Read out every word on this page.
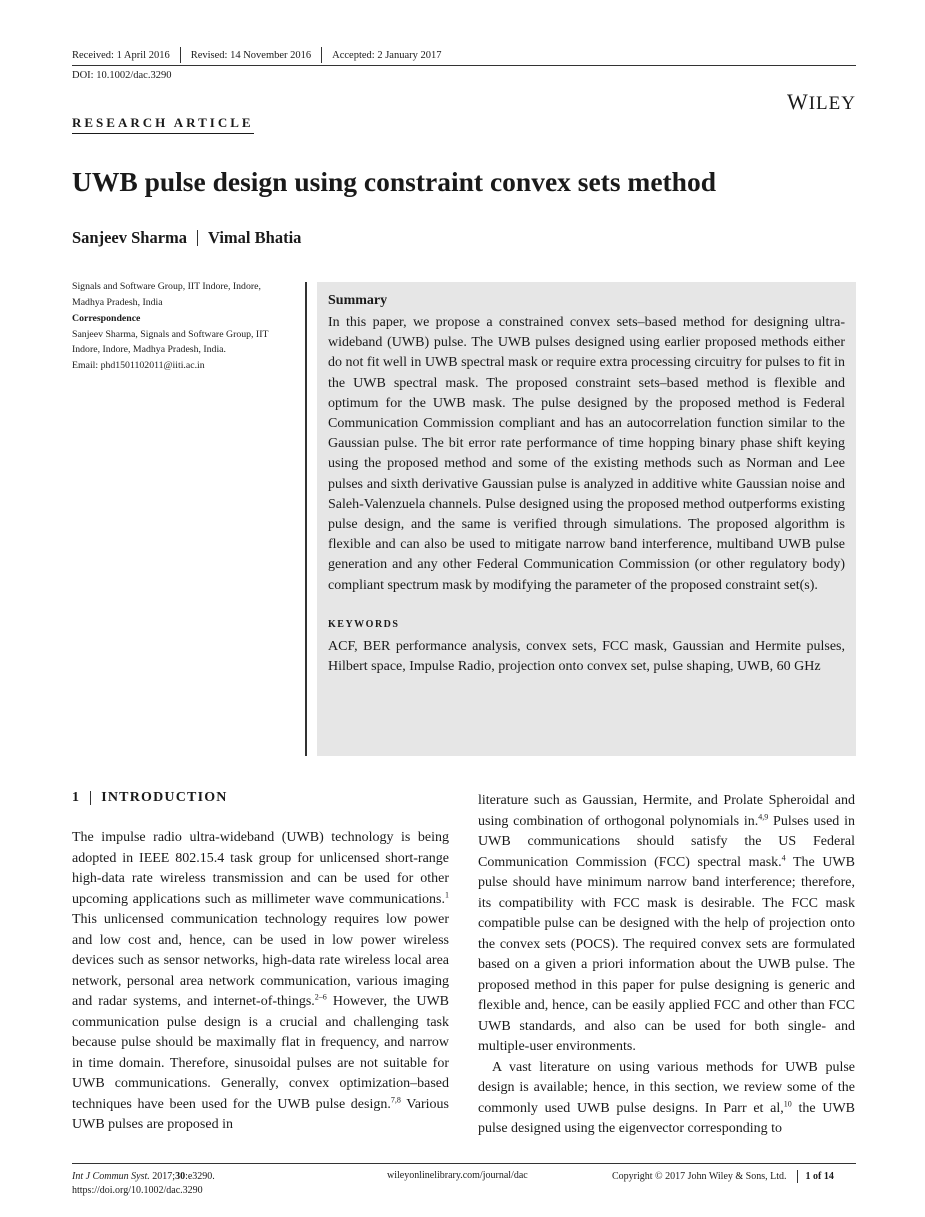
Received: 1 April 2016 Revised: 14 November 2016 Accepted: 2 January 2017
DOI: 10.1002/dac.3290
WILEY
RESEARCH ARTICLE
UWB pulse design using constraint convex sets method
Sanjeev Sharma Vimal Bhatia
Signals and Software Group, IIT Indore, Indore,
Madhya Pradesh, India
Correspondence
Sanjeev Sharma, Signals and Software Group, IIT
Indore, Indore, Madhya Pradesh, India.
Email: phd1501102011@iiti.ac.in
Summary
In this paper, we propose a constrained convex sets–based method for designing ultra-wideband (UWB) pulse. The UWB pulses designed using earlier proposed methods either do not fit well in UWB spectral mask or require extra processing circuitry for pulses to fit in the UWB spectral mask. The proposed constraint sets–based method is flexible and optimum for the UWB mask. The pulse designed by the proposed method is Federal Communication Commission compliant and has an autocorrelation function similar to the Gaussian pulse. The bit error rate performance of time hopping binary phase shift keying using the proposed method and some of the existing methods such as Norman and Lee pulses and sixth derivative Gaussian pulse is analyzed in additive white Gaussian noise and Saleh-Valenzuela channels. Pulse designed using the proposed method outperforms existing pulse design, and the same is verified through simulations. The proposed algorithm is flexible and can also be used to mitigate narrow band interference, multiband UWB pulse generation and any other Federal Communication Commission (or other regulatory body) compliant spectrum mask by modifying the parameter of the proposed constraint set(s).
KEYWORDS
ACF, BER performance analysis, convex sets, FCC mask, Gaussian and Hermite pulses, Hilbert space, Impulse Radio, projection onto convex set, pulse shaping, UWB, 60 GHz
1 INTRODUCTION

The impulse radio ultra-wideband (UWB) technology is being adopted in IEEE 802.15.4 task group for unlicensed short-range high-data rate wireless transmission and can be used for other upcoming applications such as millimeter wave communications.$^1$ This unlicensed communication technology requires low power and low cost and, hence, can be used in low power wireless devices such as sensor networks, high-data rate wireless local area network, personal area network communication, various imaging and radar systems, and internet-of-things.$^{2-6}$ However, the UWB communication pulse design is a crucial and challenging task because pulse should be maximally flat in frequency, and narrow in time domain. Therefore, sinusoidal pulses are not suitable for UWB communications. Generally, convex optimization–based techniques have been used for the UWB pulse design.$^{7,8}$ Various UWB pulses are proposed in

literature such as Gaussian, Hermite, and Prolate Spheroidal and using combination of orthogonal polynomials in.$^{4,9}$ Pulses used in UWB communications should satisfy the US Federal Communication Commission (FCC) spectral mask.$^4$ The UWB pulse should have minimum narrow band interference; therefore, its compatibility with FCC mask is desirable. The FCC mask compatible pulse can be designed with the help of projection onto the convex sets (POCS). The required convex sets are formulated based on a given a priori information about the UWB pulse. The proposed method in this paper for pulse designing is generic and flexible and, hence, can be easily applied FCC and other than FCC UWB standards, and also can be used for both single- and multiple-user environments.

A vast literature on using various methods for UWB pulse design is available; hence, in this section, we review some of the commonly used UWB pulse designs. In Parr et al,$^{10}$ the UWB pulse designed using the eigenvector corresponding to

Int J Commun Syst. 2017;30:e3290.
https://doi.org/10.1002/dac.3290
wileyonlinelibrary.com/journal/dac	Copyright © 2017 John Wiley & Sons, Ltd. 1 of 14
